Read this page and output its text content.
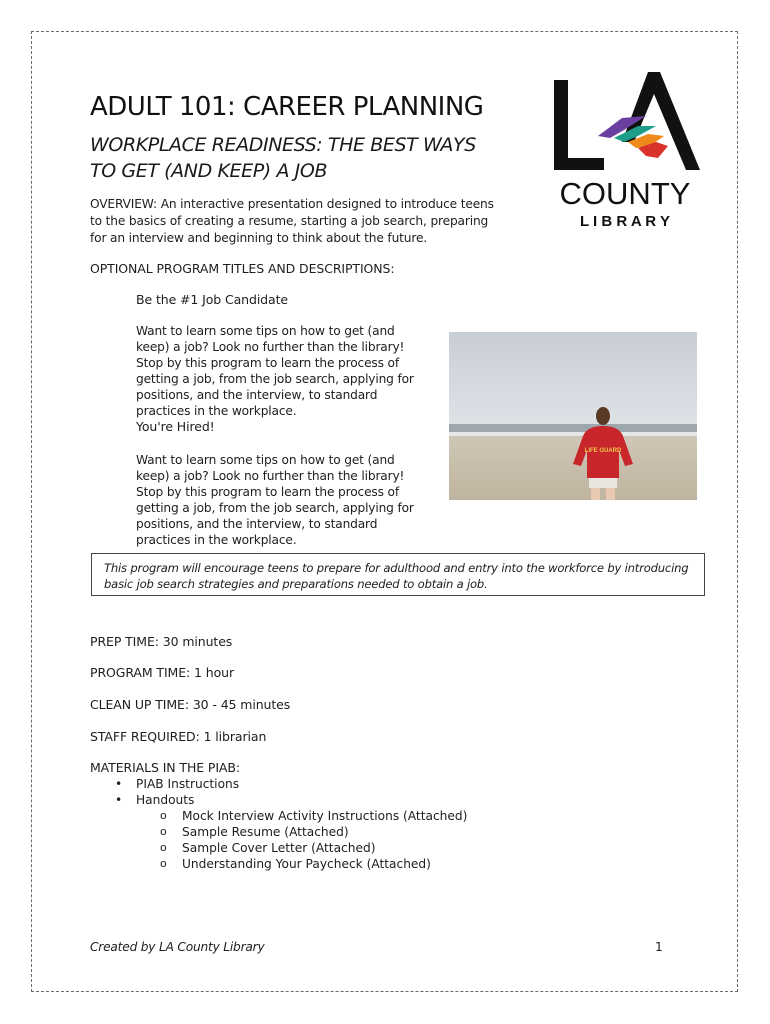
ADULT 101: CAREER PLANNING
WORKPLACE READINESS: THE BEST WAYS
TO GET (AND KEEP) A JOB
COUNTY
L I B R A R Y

OVERVIEW: An interactive presentation designed to introduce teens to the basics of creating a resume, starting a job search, preparing for an interview and beginning to think about the future.

OPTIONAL PROGRAM TITLES AND DESCRIPTIONS:
Be the #1 Job Candidate

Want to learn some tips on how to get (and keep) a job? Look no further than the library! Stop by this program to learn the process of getting a job, from the job search, applying for positions, and the interview, to standard practices in the workplace.

You're Hired!

Want to learn some tips on how to get (and keep) a job? Look no further than the library! Stop by this program to learn the process of getting a job, from the job search, applying for positions, and the interview, to standard practices in the workplace.

LIFE GUARD
This program will encourage teens to prepare for adulthood and entry into the workforce by introducing basic job search strategies and preparations needed to obtain a job.
PREP TIME: 30 minutes
PROGRAM TIME: 1 hour
CLEAN UP TIME: 30 - 45 minutes
STAFF REQUIRED: 1 librarian
MATERIALS IN THE PIAB:
• PIAB Instructions
• Handouts
o Mock Interview Activity Instructions (Attached)
o Sample Resume (Attached)
o Sample Cover Letter (Attached)
o Understanding Your Paycheck (Attached)
Created by LA County Library	1
